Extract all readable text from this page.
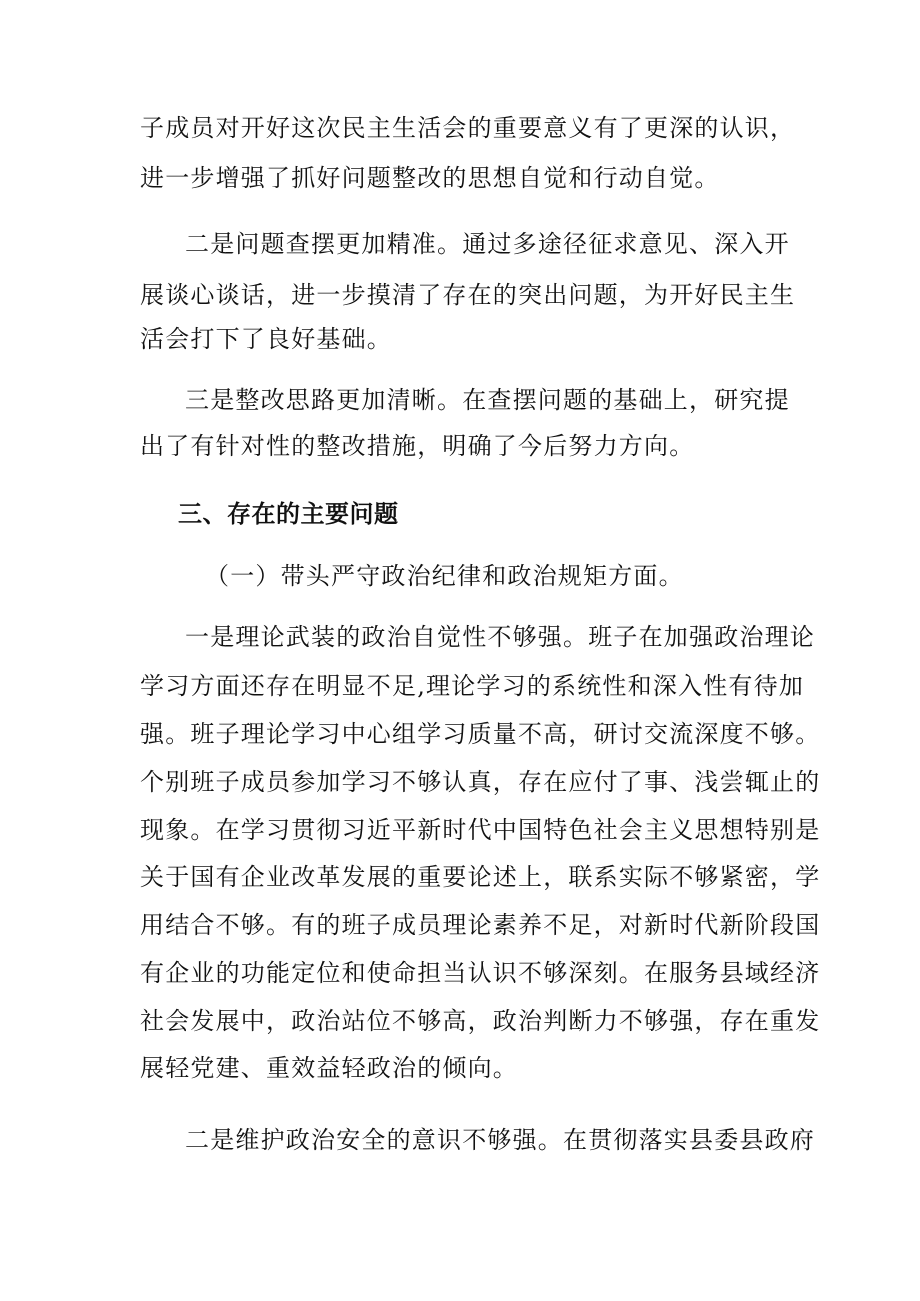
子成员对开好这次民主生活会的重要意义有了更深的认识，
进一步增强了抓好问题整改的思想自觉和行动自觉。
二是问题查摆更加精准。通过多途径征求意见、深入开
展谈心谈话，进一步摸清了存在的突出问题，为开好民主生
活会打下了良好基础。
三是整改思路更加清晰。在查摆问题的基础上，研究提
出了有针对性的整改措施，明确了今后努力方向。
三、存在的主要问题
（一）带头严守政治纪律和政治规矩方面。
一是理论武装的政治自觉性不够强。班子在加强政治理论
学习方面还存在明显不足,理论学习的系统性和深入性有待加
强。班子理论学习中心组学习质量不高，研讨交流深度不够。
个别班子成员参加学习不够认真，存在应付了事、浅尝辄止的
现象。在学习贯彻习近平新时代中国特色社会主义思想特别是
关于国有企业改革发展的重要论述上，联系实际不够紧密，学
用结合不够。有的班子成员理论素养不足，对新时代新阶段国
有企业的功能定位和使命担当认识不够深刻。在服务县域经济
社会发展中，政治站位不够高，政治判断力不够强，存在重发
展轻党建、重效益轻政治的倾向。
二是维护政治安全的意识不够强。在贯彻落实县委县政府
